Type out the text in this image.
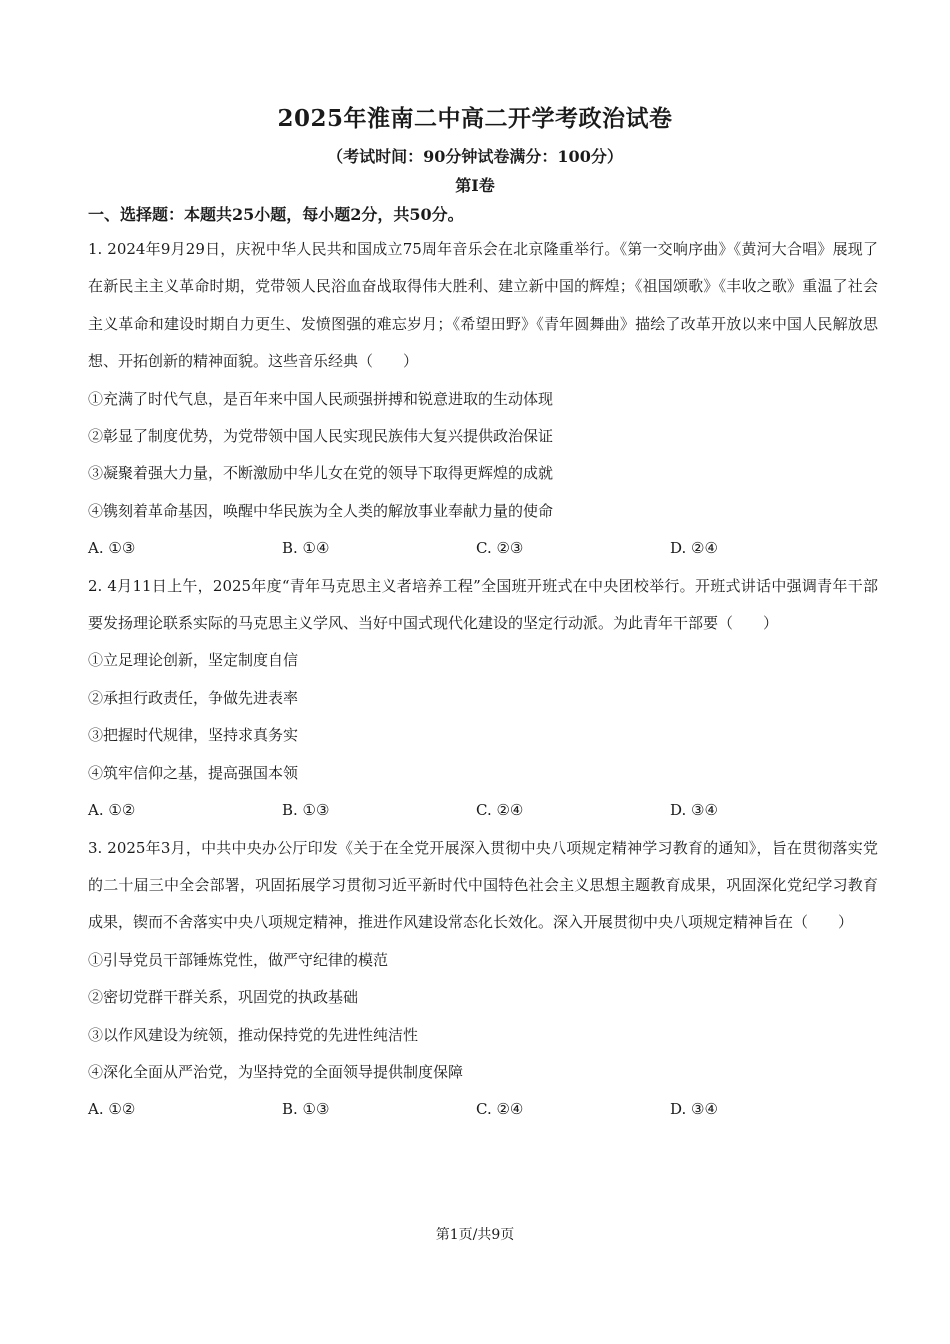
2025年淮南二中高二开学考政治试卷
（考试时间：90分钟试卷满分：100分）
第I卷
一、选择题：本题共25小题，每小题2分，共50分。

1. 2024年9月29日，庆祝中华人民共和国成立75周年音乐会在北京隆重举行。《第一交响序曲》《黄河大合唱》展现了在新民主主义革命时期，党带领人民浴血奋战取得伟大胜利、建立新中国的辉煌；《祖国颂歌》《丰收之歌》重温了社会主义革命和建设时期自力更生、发愤图强的难忘岁月；《希望田野》《青年圆舞曲》描绘了改革开放以来中国人民解放思想、开拓创新的精神面貌。这些音乐经典（　　）

①充满了时代气息，是百年来中国人民顽强拼搏和锐意进取的生动体现

②彰显了制度优势，为党带领中国人民实现民族伟大复兴提供政治保证

③凝聚着强大力量，不断激励中华儿女在党的领导下取得更辉煌的成就

④镌刻着革命基因，唤醒中华民族为全人类的解放事业奉献力量的使命

A. ①③	B. ①④	C. ②③	D. ②④

2. 4月11日上午，2025年度“青年马克思主义者培养工程”全国班开班式在中央团校举行。开班式讲话中强调青年干部要发扬理论联系实际的马克思主义学风、当好中国式现代化建设的坚定行动派。为此青年干部要（　　）

①立足理论创新，坚定制度自信

②承担行政责任，争做先进表率

③把握时代规律，坚持求真务实

④筑牢信仰之基，提高强国本领

A. ①②	B. ①③	C. ②④	D. ③④

3. 2025年3月，中共中央办公厅印发《关于在全党开展深入贯彻中央八项规定精神学习教育的通知》，旨在贯彻落实党的二十届三中全会部署，巩固拓展学习贯彻习近平新时代中国特色社会主义思想主题教育成果，巩固深化党纪学习教育成果，锲而不舍落实中央八项规定精神，推进作风建设常态化长效化。深入开展贯彻中央八项规定精神旨在（　　）

①引导党员干部锤炼党性，做严守纪律的模范

②密切党群干群关系，巩固党的执政基础

③以作风建设为统领，推动保持党的先进性纯洁性

④深化全面从严治党，为坚持党的全面领导提供制度保障

A. ①②	B. ①③	C. ②④	D. ③④
第1页/共9页
